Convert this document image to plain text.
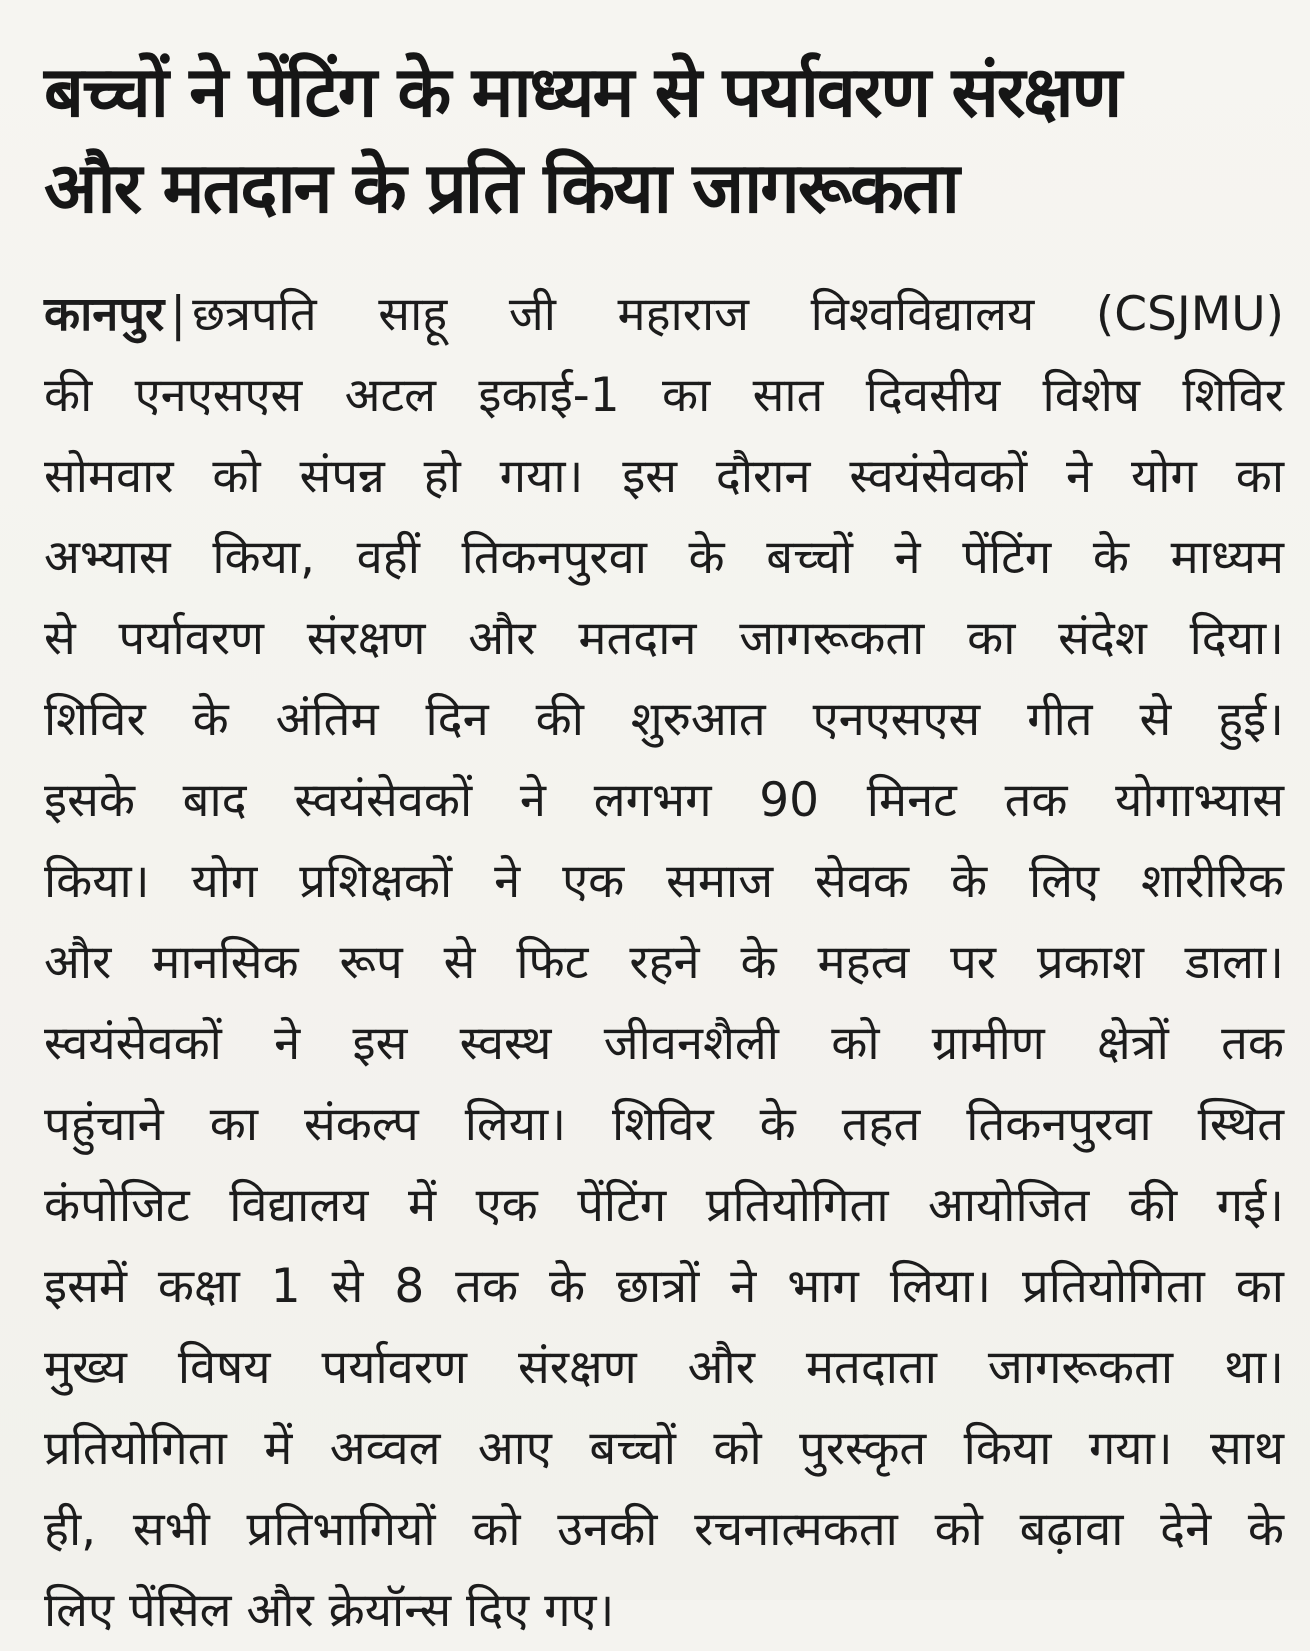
बच्चों ने पेंटिंग के माध्यम से पर्यावरण संरक्षण
और मतदान के प्रति किया जागरूकता
कानपुर | छत्रपति साहू जी महाराज विश्वविद्यालय (CSJMU)
की एनएसएस अटल इकाई-1 का सात दिवसीय विशेष शिविर
सोमवार को संपन्न हो गया। इस दौरान स्वयंसेवकों ने योग का
अभ्यास किया, वहीं तिकनपुरवा के बच्चों ने पेंटिंग के माध्यम
से पर्यावरण संरक्षण और मतदान जागरूकता का संदेश दिया।
शिविर के अंतिम दिन की शुरुआत एनएसएस गीत से हुई।
इसके बाद स्वयंसेवकों ने लगभग 90 मिनट तक योगाभ्यास
किया। योग प्रशिक्षकों ने एक समाज सेवक के लिए शारीरिक
और मानसिक रूप से फिट रहने के महत्व पर प्रकाश डाला।
स्वयंसेवकों ने इस स्वस्थ जीवनशैली को ग्रामीण क्षेत्रों तक
पहुंचाने का संकल्प लिया। शिविर के तहत तिकनपुरवा स्थित
कंपोजिट विद्यालय में एक पेंटिंग प्रतियोगिता आयोजित की गई।
इसमें कक्षा 1 से 8 तक के छात्रों ने भाग लिया। प्रतियोगिता का
मुख्य विषय पर्यावरण संरक्षण और मतदाता जागरूकता था।
प्रतियोगिता में अव्वल आए बच्चों को पुरस्कृत किया गया। साथ
ही, सभी प्रतिभागियों को उनकी रचनात्मकता को बढ़ावा देने के
लिए पेंसिल और क्रेयॉन्स दिए गए।
